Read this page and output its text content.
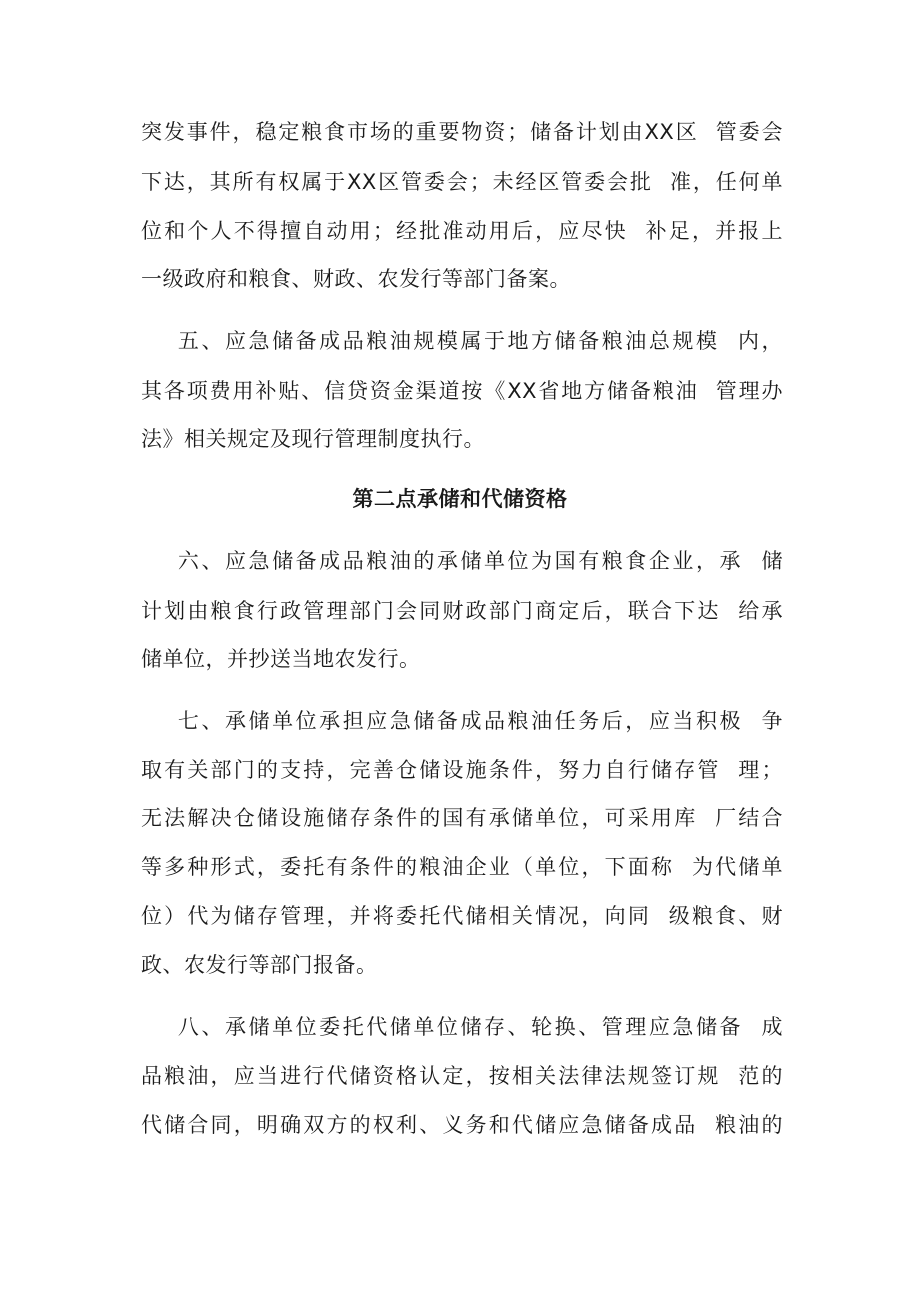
突发事件，稳定粮食市场的重要物资；储备计划由XX区  管委会
下达，其所有权属于XX区管委会；未经区管委会批  准，任何单
位和个人不得擅自动用；经批准动用后，应尽快  补足，并报上
一级政府和粮食、财政、农发行等部门备案。
五、应急储备成品粮油规模属于地方储备粮油总规模  内，
其各项费用补贴、信贷资金渠道按《XX省地方储备粮油  管理办
法》相关规定及现行管理制度执行。
第二点承储和代储资格
六、应急储备成品粮油的承储单位为国有粮食企业，承  储
计划由粮食行政管理部门会同财政部门商定后，联合下达  给承
储单位，并抄送当地农发行。
七、承储单位承担应急储备成品粮油任务后，应当积极  争
取有关部门的支持，完善仓储设施条件，努力自行储存管  理；
无法解决仓储设施储存条件的国有承储单位，可采用库  厂结合
等多种形式，委托有条件的粮油企业（单位，下面称  为代储单
位）代为储存管理，并将委托代储相关情况，向同  级粮食、财
政、农发行等部门报备。
八、承储单位委托代储单位储存、轮换、管理应急储备  成
品粮油，应当进行代储资格认定，按相关法律法规签订规  范的
代储合同，明确双方的权利、义务和代储应急储备成品  粮油的
